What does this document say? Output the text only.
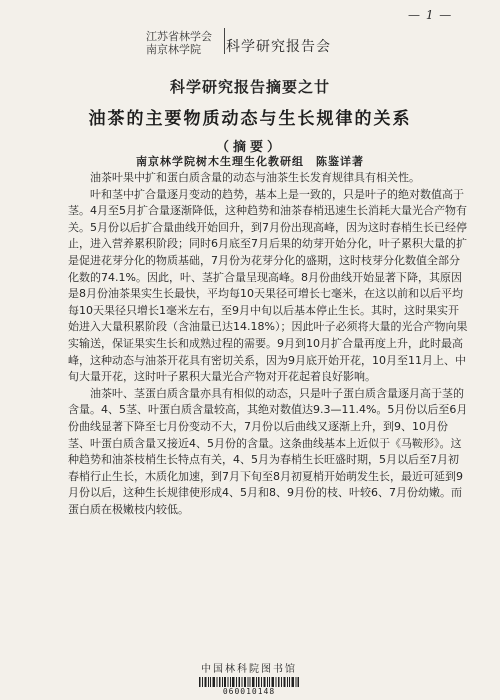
— 1 —
江苏省林学会
南京林学院	科学研究报告会
科学研究报告摘要之廿
油茶的主要物质动态与生长规律的关系
（摘要）
南京林学院树木生理生化教研组　陈鉴详著

油茶叶果中扩和蛋白质含量的动态与油茶生长发育规律具有相关性。

叶和茎中扩合量逐月变动的趋势，基本上是一致的，只是叶子的绝对数值高于茎。4月至5月扩合量逐渐降低，这种趋势和油茶春梢迅速生长消耗大量光合产物有关。5月份以后扩合量曲线开始回升，到7月份出现高峰，因为这时春梢生长已经停止，进入营养累积阶段；同时6月底至7月后果的幼芽开始分化，叶子累积大量的扩是促进花芽分化的物质基础，7月份为花芽分化的盛期，这时枝芽分化数值全部分化数的74.1%。因此，叶、茎扩合量呈现高峰。8月份曲线开始显著下降，其原因是8月份油茶果实生长最快，平均每10天果径可增长七毫米，在这以前和以后平均每10天果径只增长1毫米左右，至9月中旬以后基本停止生长。其时，这时果实开始进入大量积累阶段（含油量已达14.18%）；因此叶子必须将大量的光合产物向果实输送，保证果实生长和成熟过程的需要。9月到10月扩合量再度上升，此时最高峰，这种动态与油茶开花具有密切关系，因为9月底开始开花，10月至11月上、中旬大量开花，这时叶子累积大量光合产物对开花起着良好影响。

油茶叶、茎蛋白质含量亦具有相似的动态，只是叶子蛋白质含量逐月高于茎的含量。4、5茎、叶蛋白质含量较高，其绝对数值达9.3—11.4%。5月份以后至6月份曲线显著下降至七月份变动不大，7月份以后曲线又逐渐上升，到9、10月份茎、叶蛋白质含量又接近4、5月份的含量。这条曲线基本上近似于《马鞍形》。这种趋势和油茶枝梢生长特点有关，4、5月为春梢生长旺盛时期，5月以后至7月初春梢行止生长，木质化加速，到7月下旬至8月初夏梢开始萌发生长，最近可延到9月份以后，这种生长规律使形成4、5月和8、9月份的枝、叶较6、7月份幼嫩。而蛋白质在极嫩枝内较低。

中国林科院图书馆
060010148
